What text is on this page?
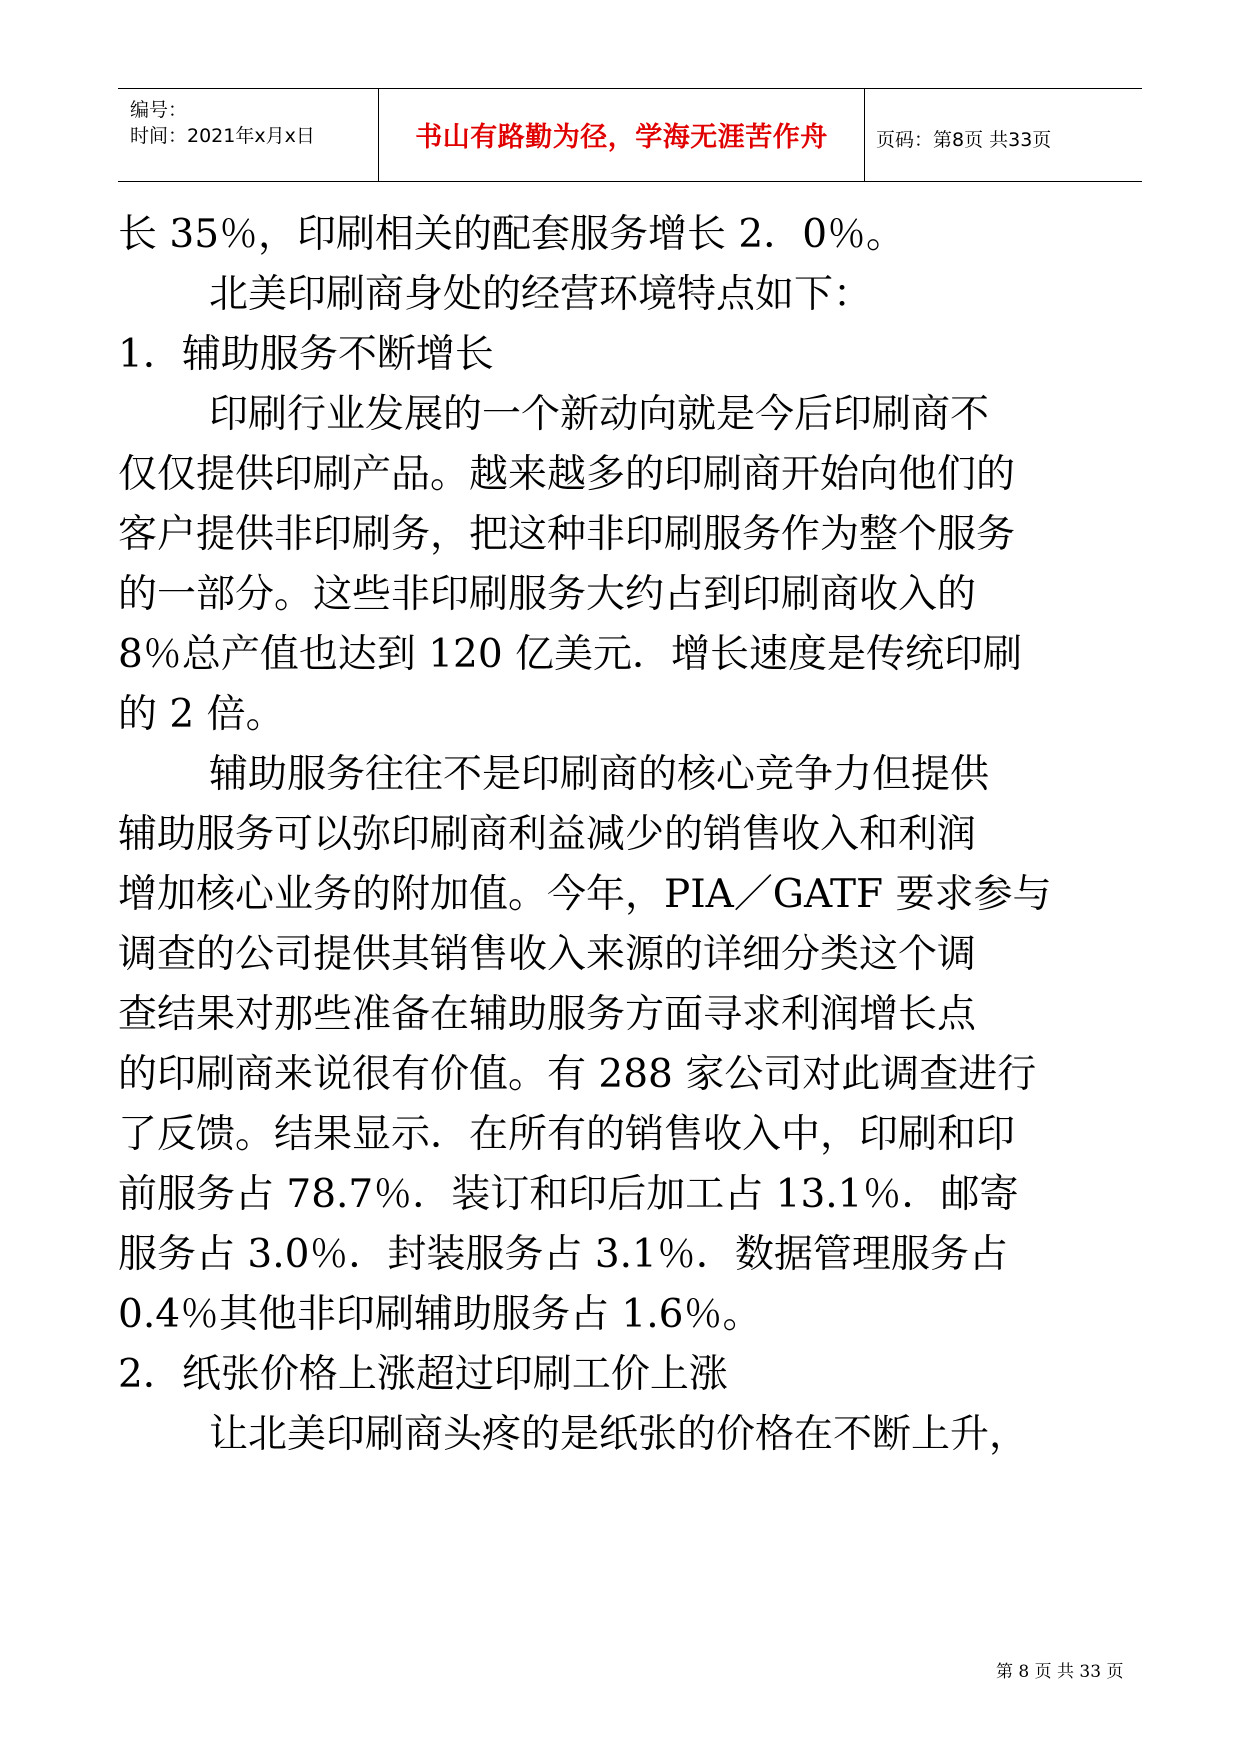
编号：
时间：2021年x月x日	书山有路勤为径，学海无涯苦作舟	页码：第8页 共33页

长 35％，印刷相关的配套服务增长 2．0％。

北美印刷商身处的经营环境特点如下：

1．辅助服务不断增长

印刷行业发展的一个新动向就是今后印刷商不

仅仅提供印刷产品。越来越多的印刷商开始向他们的

客户提供非印刷务，把这种非印刷服务作为整个服务

的一部分。这些非印刷服务大约占到印刷商收入的

8％总产值也达到 120 亿美元．增长速度是传统印刷

的 2 倍。

辅助服务往往不是印刷商的核心竞争力但提供

辅助服务可以弥印刷商利益减少的销售收入和利润

增加核心业务的附加值。今年，PIA／GATF 要求参与

调查的公司提供其销售收入来源的详细分类这个调

查结果对那些准备在辅助服务方面寻求利润增长点

的印刷商来说很有价值。有 288 家公司对此调查进行

了反馈。结果显示．在所有的销售收入中，印刷和印

前服务占 78.7％．装订和印后加工占 13.1％．邮寄

服务占 3.0％．封装服务占 3.1％．数据管理服务占

0.4％其他非印刷辅助服务占 1.6％。

2．纸张价格上涨超过印刷工价上涨

让北美印刷商头疼的是纸张的价格在不断上升，

第 8 页 共 33 页
